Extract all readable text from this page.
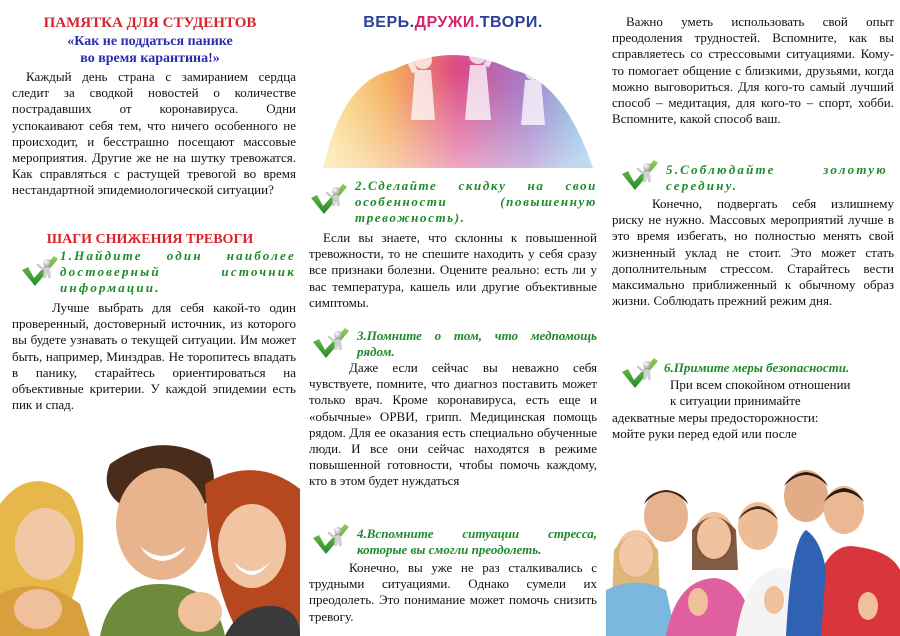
ПАМЯТКА ДЛЯ СТУДЕНТОВ
«Как не поддаться панике
во время карантина!»

Каждый день страна с замиранием сердца следит за сводкой новостей о количестве пострадавших от коронавируса. Одни успокаивают себя тем, что ничего особенного не происходит, и бесстрашно посещают массовые мероприятия. Другие же не на шутку тревожатся. Как справляться с растущей тревогой во время нестандартной эпидемиологической ситуации?

ШАГИ СНИЖЕНИЯ ТРЕВОГИ
1.Найдите один наиболее достоверный источник информации.

Лучше выбрать для себя какой-то один проверенный, достоверный источник, из которого вы будете узнавать о текущей ситуации. Им может быть, например, Минздрав. Не торопитесь впадать в панику, старайтесь ориентироваться на объективные критерии. У каждой эпидемии есть пик и спад.

ВЕРЬ.ДРУЖИ.ТВОРИ.
2.Сделайте скидку на свои особенности (повышенную тревожность).

Если вы знаете, что склонны к повышенной тревожности, то не спешите находить у себя сразу все признаки болезни. Оцените реально: есть ли у вас температура, кашель или другие объективные симптомы.

3.Помните о том, что медпомощь рядом.

Даже если сейчас вы неважно себя чувствуете, помните, что диагноз поставить может только врач. Кроме коронавируса, есть еще и «обычные» ОРВИ, грипп. Медицинская помощь рядом. Для ее оказания есть специально обученные люди. И все они сейчас находятся в режиме повышенной готовности, чтобы помочь каждому, кто в этом будет нуждаться

4.Вспомните ситуации стресса, которые вы смогли преодолеть.

Конечно, вы уже не раз сталкивались с трудными ситуациями. Однако сумели их преодолеть. Это понимание может помочь снизить тревогу.

Важно уметь использовать свой опыт преодоления трудностей. Вспомните, как вы справляетесь со стрессовыми ситуациями. Кому-то помогает общение с близкими, друзьями, когда можно выговориться. Для кого-то самый лучший способ – медитация, для кого-то – спорт, хобби. Вспомните, какой способ ваш.

5.Соблюдайте золотую середину.

Конечно, подвергать себя излишнему риску не нужно. Массовых мероприятий лучше в это время избегать, но полностью менять свой жизненный уклад не стоит. Это может стать дополнительным стрессом. Старайтесь вести максимально приближенный к обычному образ жизни. Соблюдать прежний режим дня.

6.Примите меры безопасности.
При всем спокойном отношении
к ситуации принимайте
адекватные меры предосторожности:
мойте руки перед едой или после
